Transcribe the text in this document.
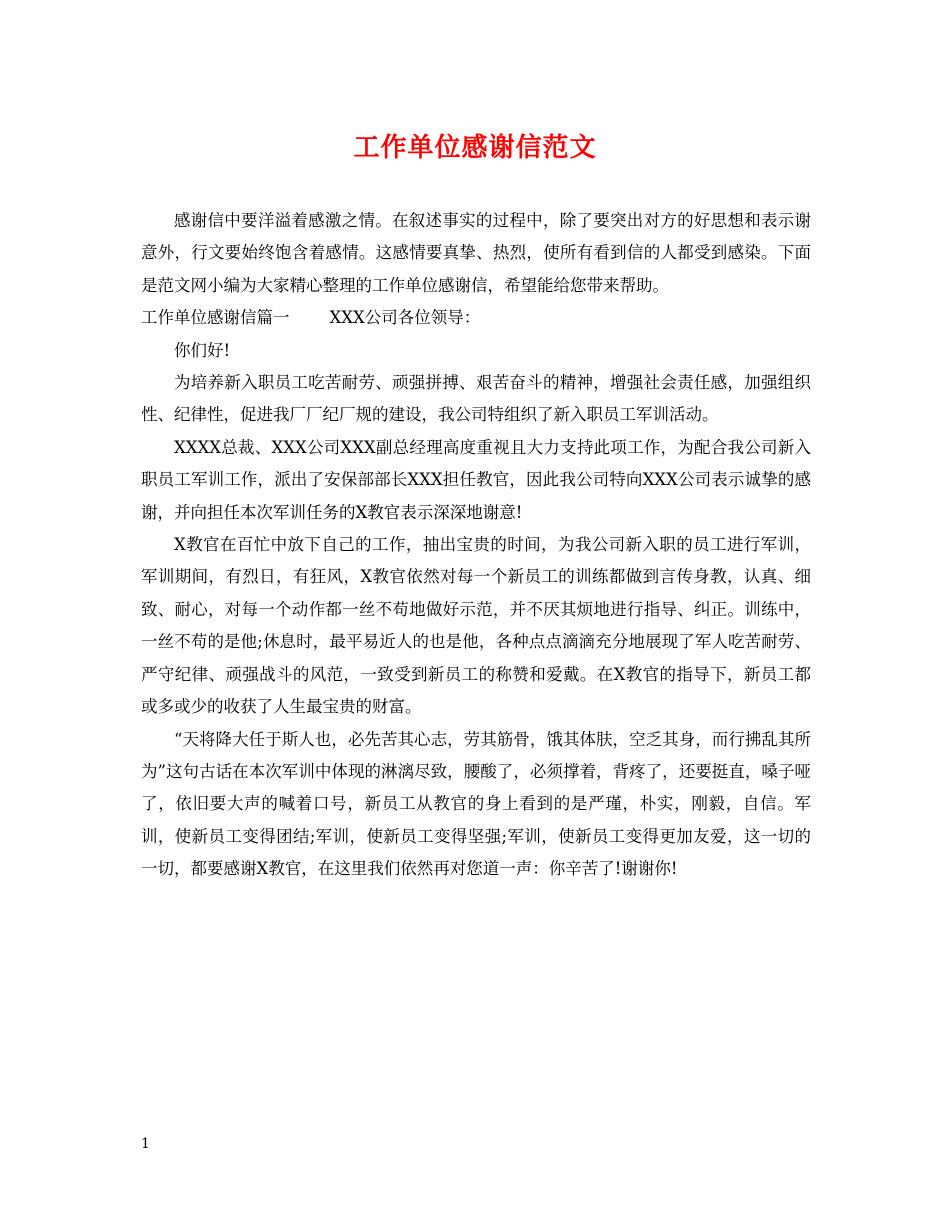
工作单位感谢信范文

感谢信中要洋溢着感激之情。在叙述事实的过程中，除了要突出对方的好思想和表示谢意外，行文要始终饱含着感情。这感情要真挚、热烈，使所有看到信的人都受到感染。下面是范文网小编为大家精心整理的工作单位感谢信，希望能给您带来帮助。

工作单位感谢信篇一 XXX公司各位领导：

你们好!

为培养新入职员工吃苦耐劳、顽强拼搏、艰苦奋斗的精神，增强社会责任感，加强组织性、纪律性，促进我厂厂纪厂规的建设，我公司特组织了新入职员工军训活动。

XXXX总裁、XXX公司XXX副总经理高度重视且大力支持此项工作，为配合我公司新入职员工军训工作，派出了安保部部长XXX担任教官，因此我公司特向XXX公司表示诚挚的感谢，并向担任本次军训任务的X教官表示深深地谢意!

X教官在百忙中放下自己的工作，抽出宝贵的时间，为我公司新入职的员工进行军训，军训期间，有烈日，有狂风，X教官依然对每一个新员工的训练都做到言传身教，认真、细致、耐心，对每一个动作都一丝不苟地做好示范，并不厌其烦地进行指导、纠正。训练中，一丝不苟的是他;休息时，最平易近人的也是他，各种点点滴滴充分地展现了军人吃苦耐劳、严守纪律、顽强战斗的风范，一致受到新员工的称赞和爱戴。在X教官的指导下，新员工都或多或少的收获了人生最宝贵的财富。

“天将降大任于斯人也，必先苦其心志，劳其筋骨，饿其体肤，空乏其身，而行拂乱其所为”这句古话在本次军训中体现的淋漓尽致，腰酸了，必须撑着，背疼了，还要挺直，嗓子哑了，依旧要大声的喊着口号，新员工从教官的身上看到的是严瑾，朴实，刚毅，自信。军训，使新员工变得团结;军训，使新员工变得坚强;军训，使新员工变得更加友爱，这一切的一切，都要感谢X教官，在这里我们依然再对您道一声：你辛苦了!谢谢你!

1
